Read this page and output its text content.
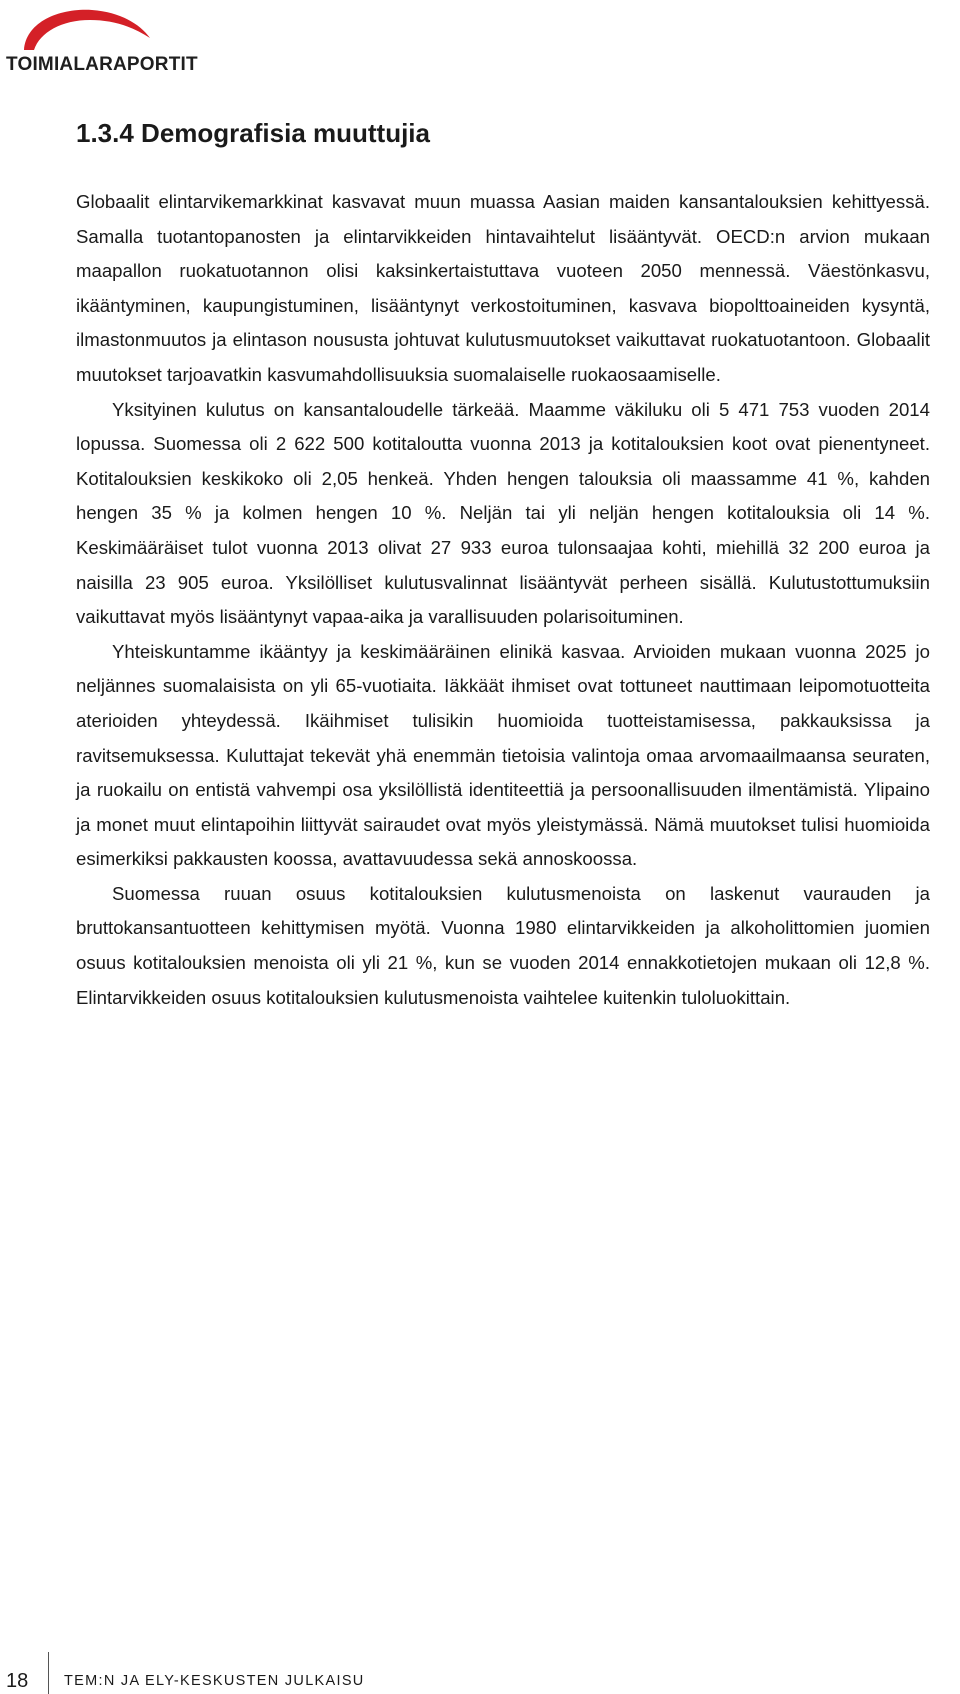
TOIMIALARAPORTIT
1.3.4 Demografisia muuttujia

Globaalit elintarvikemarkkinat kasvavat muun muassa Aasian maiden kansantalouksien kehittyessä. Samalla tuotantopanosten ja elintarvikkeiden hintavaihtelut lisääntyvät. OECD:n arvion mukaan maapallon ruokatuotannon olisi kaksinkertaistuttava vuoteen 2050 mennessä. Väestönkasvu, ikääntyminen, kaupungistuminen, lisääntynyt verkostoituminen, kasvava biopolttoaineiden kysyntä, ilmastonmuutos ja elintason noususta johtuvat kulutusmuutokset vaikuttavat ruokatuotantoon. Globaalit muutokset tarjoavatkin kasvumahdollisuuksia suomalaiselle ruokaosaamiselle.

Yksityinen kulutus on kansantaloudelle tärkeää. Maamme väkiluku oli 5 471 753 vuoden 2014 lopussa. Suomessa oli 2 622 500 kotitaloutta vuonna 2013 ja kotitalouksien koot ovat pienentyneet. Kotitalouksien keskikoko oli 2,05 henkeä. Yhden hengen talouksia oli maassamme 41 %, kahden hengen 35 % ja kolmen hengen 10 %. Neljän tai yli neljän hengen kotitalouksia oli 14 %. Keskimääräiset tulot vuonna 2013 olivat 27 933 euroa tulonsaajaa kohti, miehillä 32 200 euroa ja naisilla 23 905 euroa. Yksilölliset kulutusvalinnat lisääntyvät perheen sisällä. Kulutustottumuksiin vaikuttavat myös lisääntynyt vapaa-aika ja varallisuuden polarisoituminen.

Yhteiskuntamme ikääntyy ja keskimääräinen elinikä kasvaa. Arvioiden mukaan vuonna 2025 jo neljännes suomalaisista on yli 65-vuotiaita. Iäkkäät ihmiset ovat tottuneet nauttimaan leipomotuotteita aterioiden yhteydessä. Ikäihmiset tulisikin huomioida tuotteistamisessa, pakkauksissa ja ravitsemuksessa. Kuluttajat tekevät yhä enemmän tietoisia valintoja omaa arvomaailmaansa seuraten, ja ruokailu on entistä vahvempi osa yksilöllistä identiteettiä ja persoonallisuuden ilmentämistä. Ylipaino ja monet muut elintapoihin liittyvät sairaudet ovat myös yleistymässä. Nämä muutokset tulisi huomioida esimerkiksi pakkausten koossa, avattavuudessa sekä annoskoossa.

Suomessa ruuan osuus kotitalouksien kulutusmenoista on laskenut vaurauden ja bruttokansantuotteen kehittymisen myötä. Vuonna 1980 elintarvikkeiden ja alkoholittomien juomien osuus kotitalouksien menoista oli yli 21 %, kun se vuoden 2014 ennakkotietojen mukaan oli 12,8 %. Elintarvikkeiden osuus kotitalouksien kulutusmenoista vaihtelee kuitenkin tuloluokittain.

18 TEM:N JA ELY-KESKUSTEN JULKAISU
